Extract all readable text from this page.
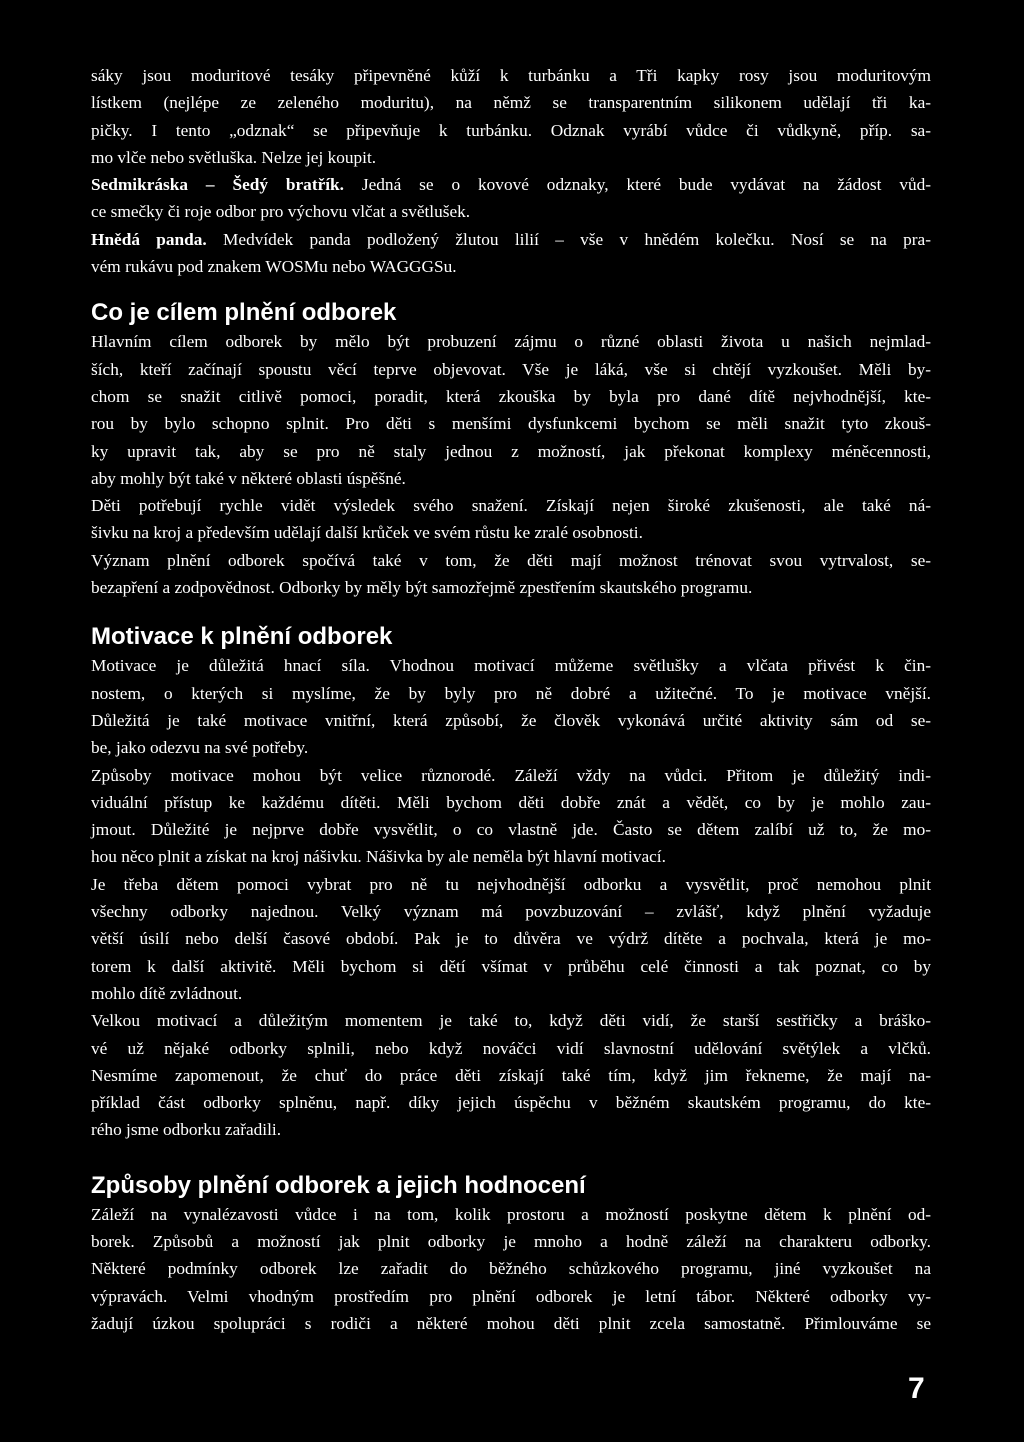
sáky jsou moduritové tesáky připevněné kůží k turbánku a Tři kapky rosy jsou moduritovým
lístkem (nejlépe ze zeleného moduritu), na němž se transparentním silikonem udělají tři ka-
pičky. I tento „odznak“ se připevňuje k turbánku. Odznak vyrábí vůdce či vůdkyně, příp. sa-
mo vlče nebo světluška. Nelze jej koupit.
Sedmikráska – Šedý bratřík. Jedná se o kovové odznaky, které bude vydávat na žádost vůd-
ce smečky či roje odbor pro výchovu vlčat a světlušek.
Hnědá panda. Medvídek panda podložený žlutou lilií – vše v hnědém kolečku. Nosí se na pra-
vém rukávu pod znakem WOSMu nebo WAGGGSu.
Co je cílem plnění odborek
Hlavním cílem odborek by mělo být probuzení zájmu o různé oblasti života u našich nejmlad-
ších, kteří začínají spoustu věcí teprve objevovat. Vše je láká, vše si chtějí vyzkoušet. Měli by-
chom se snažit citlivě pomoci, poradit, která zkouška by byla pro dané dítě nejvhodnější, kte-
rou by bylo schopno splnit. Pro děti s menšími dysfunkcemi bychom se měli snažit tyto zkouš-
ky upravit tak, aby se pro ně staly jednou z možností, jak překonat komplexy méněcennosti,
aby mohly být také v některé oblasti úspěšné.
Děti potřebují rychle vidět výsledek svého snažení. Získají nejen široké zkušenosti, ale také ná-
šivku na kroj a především udělají další krůček ve svém růstu ke zralé osobnosti.
Význam plnění odborek spočívá také v tom, že děti mají možnost trénovat svou vytrvalost, se-
bezapření a zodpovědnost. Odborky by měly být samozřejmě zpestřením skautského programu.
Motivace k plnění odborek
Motivace je důležitá hnací síla. Vhodnou motivací můžeme světlušky a vlčata přivést k čin-
nostem, o kterých si myslíme, že by byly pro ně dobré a užitečné. To je motivace vnější.
Důležitá je také motivace vnitřní, která způsobí, že člověk vykonává určité aktivity sám od se-
be, jako odezvu na své potřeby.
Způsoby motivace mohou být velice různorodé. Záleží vždy na vůdci. Přitom je důležitý indi-
viduální přístup ke každému dítěti. Měli bychom děti dobře znát a vědět, co by je mohlo zau-
jmout. Důležité je nejprve dobře vysvětlit, o co vlastně jde. Často se dětem zalíbí už to, že mo-
hou něco plnit a získat na kroj nášivku. Nášivka by ale neměla být hlavní motivací.
Je třeba dětem pomoci vybrat pro ně tu nejvhodnější odborku a vysvětlit, proč nemohou plnit
všechny odborky najednou. Velký význam má povzbuzování – zvlášť, když plnění vyžaduje
větší úsilí nebo delší časové období. Pak je to důvěra ve výdrž dítěte a pochvala, která je mo-
torem k další aktivitě. Měli bychom si dětí všímat v průběhu celé činnosti a tak poznat, co by
mohlo dítě zvládnout.
Velkou motivací a důležitým momentem je také to, když děti vidí, že starší sestřičky a bráško-
vé už nějaké odborky splnili, nebo když nováčci vidí slavnostní udělování světýlek a vlčků.
Nesmíme zapomenout, že chuť do práce děti získají také tím, když jim řekneme, že mají na-
příklad část odborky splněnu, např. díky jejich úspěchu v běžném skautském programu, do kte-
rého jsme odborku zařadili.
Způsoby plnění odborek a jejich hodnocení
Záleží na vynalézavosti vůdce i na tom, kolik prostoru a možností poskytne dětem k plnění od-
borek. Způsobů a možností jak plnit odborky je mnoho a hodně záleží na charakteru odborky.
Některé podmínky odborek lze zařadit do běžného schůzkového programu, jiné vyzkoušet na
výpravách. Velmi vhodným prostředím pro plnění odborek je letní tábor. Některé odborky vy-
žadují úzkou spolupráci s rodiči a některé mohou děti plnit zcela samostatně. Přimlouváme se
7
